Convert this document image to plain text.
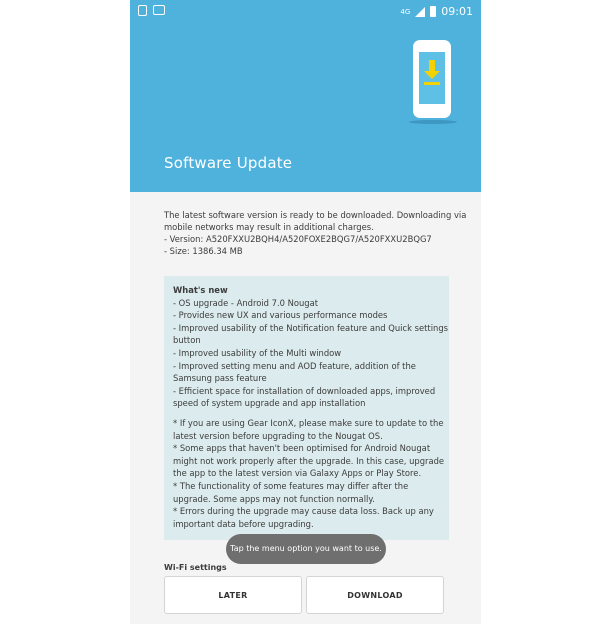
4G	09:01
Software Update
The latest software version is ready to be downloaded. Downloading via
mobile networks may result in additional charges.
- Version: A520FXXU2BQH4/A520FOXE2BQG7/A520FXXU2BQG7
- Size: 1386.34 MB
What's new
- OS upgrade - Android 7.0 Nougat
- Provides new UX and various performance modes
- Improved usability of the Notification feature and Quick settings
button
- Improved usability of the Multi window
- Improved setting menu and AOD feature, addition of the
Samsung pass feature
- Efficient space for installation of downloaded apps, improved
speed of system upgrade and app installation
* If you are using Gear IconX, please make sure to update to the
latest version before upgrading to the Nougat OS.
* Some apps that haven't been optimised for Android Nougat
might not work properly after the upgrade. In this case, upgrade
the app to the latest version via Galaxy Apps or Play Store.
* The functionality of some features may differ after the
upgrade. Some apps may not function normally.
* Errors during the upgrade may cause data loss. Back up any
important data before upgrading.
Wi-Fi settings
Tap the menu option you want to use.
LATER	DOWNLOAD
